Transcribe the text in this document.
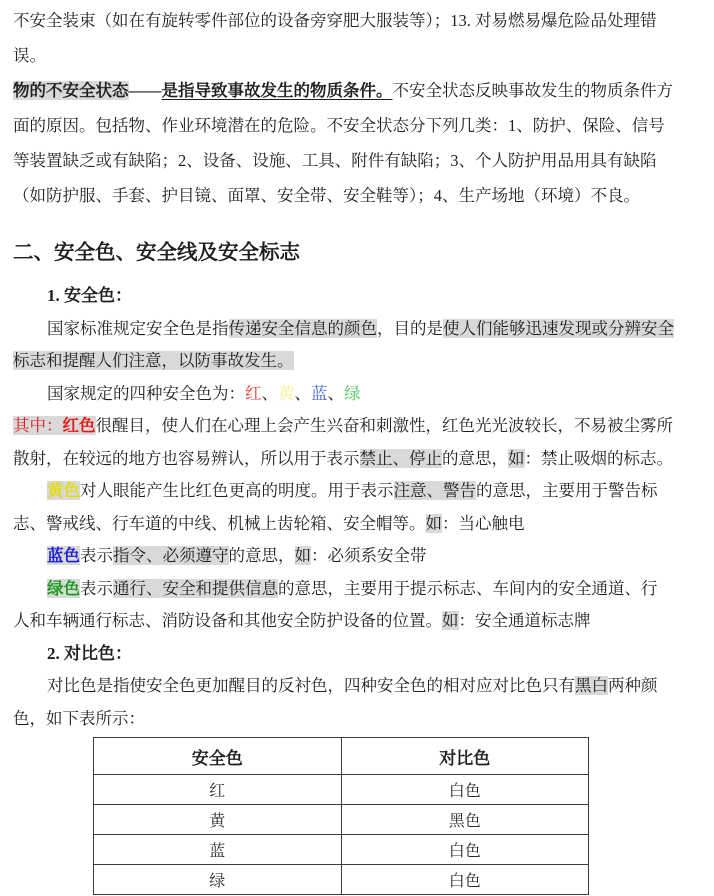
不安全装束（如在有旋转零件部位的设备旁穿肥大服装等）；13. 对易燃易爆危险品处理错
误。
物的不安全状态——是指导致事故发生的物质条件。不安全状态反映事故发生的物质条件方
面的原因。包括物、作业环境潜在的危险。不安全状态分下列几类：1、防护、保险、信号
等装置缺乏或有缺陷；2、设备、设施、工具、附件有缺陷；3、个人防护用品用具有缺陷
（如防护服、手套、护目镜、面罩、安全带、安全鞋等）；4、生产场地（环境）不良。
二、安全色、安全线及安全标志
1. 安全色：
国家标准规定安全色是指传递安全信息的颜色，目的是使人们能够迅速发现或分辨安全
标志和提醒人们注意，以防事故发生。
国家规定的四种安全色为：红、黄、蓝、绿
其中：红色很醒目，使人们在心理上会产生兴奋和刺激性，红色光光波较长，不易被尘雾所
散射，在较远的地方也容易辨认，所以用于表示禁止、停止的意思，如：禁止吸烟的标志。
黄色对人眼能产生比红色更高的明度。用于表示注意、警告的意思，主要用于警告标
志、警戒线、行车道的中线、机械上齿轮箱、安全帽等。如：当心触电
蓝色表示指令、必须遵守的意思，如：必须系安全带
绿色表示通行、安全和提供信息的意思，主要用于提示标志、车间内的安全通道、行
人和车辆通行标志、消防设备和其他安全防护设备的位置。如：安全通道标志牌
2. 对比色：
对比色是指使安全色更加醒目的反衬色，四种安全色的相对应对比色只有黑白两种颜
色，如下表所示：
安全色	对比色
红	白色
黄	黑色
蓝	白色
绿	白色
